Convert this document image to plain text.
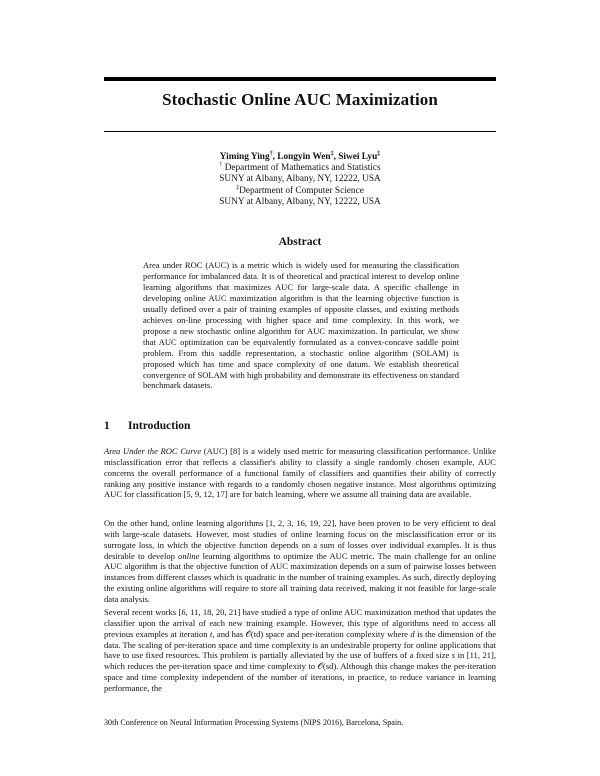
Stochastic Online AUC Maximization
Yiming Ying†, Longyin Wen‡, Siwei Lyu‡
† Department of Mathematics and Statistics
SUNY at Albany, Albany, NY, 12222, USA
‡Department of Computer Science
SUNY at Albany, Albany, NY, 12222, USA
Abstract
Area under ROC (AUC) is a metric which is widely used for measuring the classification performance for imbalanced data. It is of theoretical and practical interest to develop online learning algorithms that maximizes AUC for large-scale data. A specific challenge in developing online AUC maximization algorithm is that the learning objective function is usually defined over a pair of training examples of opposite classes, and existing methods achieves on-line processing with higher space and time complexity. In this work, we propose a new stochastic online algorithm for AUC maximization. In particular, we show that AUC optimization can be equivalently formulated as a convex-concave saddle point problem. From this saddle representation, a stochastic online algorithm (SOLAM) is proposed which has time and space complexity of one datum. We establish theoretical convergence of SOLAM with high probability and demonstrate its effectiveness on standard benchmark datasets.
1 Introduction
Area Under the ROC Curve (AUC) [8] is a widely used metric for measuring classification performance. Unlike misclassification error that reflects a classifier's ability to classify a single randomly chosen example, AUC concerns the overall performance of a functional family of classifiers and quantifies their ability of correctly ranking any positive instance with regards to a randomly chosen negative instance. Most algorithms optimizing AUC for classification [5, 9, 12, 17] are for batch learning, where we assume all training data are available.
On the other hand, online learning algorithms [1, 2, 3, 16, 19, 22], have been proven to be very efficient to deal with large-scale datasets. However, most studies of online learning focus on the misclassification error or its surrogate loss, in which the objective function depends on a sum of losses over individual examples. It is thus desirable to develop online learning algorithms to optimize the AUC metric. The main challenge for an online AUC algorithm is that the objective function of AUC maximization depends on a sum of pairwise losses between instances from different classes which is quadratic in the number of training examples. As such, directly deploying the existing online algorithms will require to store all training data received, making it not feasible for large-scale data analysis.
Several recent works [6, 11, 18, 20, 21] have studied a type of online AUC maximization method that updates the classifier upon the arrival of each new training example. However, this type of algorithms need to access all previous examples at iteration t, and has 𝒪(td) space and per-iteration complexity where d is the dimension of the data. The scaling of per-iteration space and time complexity is an undesirable property for online applications that have to use fixed resources. This problem is partially alleviated by the use of buffers of a fixed size s in [11, 21], which reduces the per-iteration space and time complexity to 𝒪(sd). Although this change makes the per-iteration space and time complexity independent of the number of iterations, in practice, to reduce variance in learning performance, the
30th Conference on Neural Information Processing Systems (NIPS 2016), Barcelona, Spain.
